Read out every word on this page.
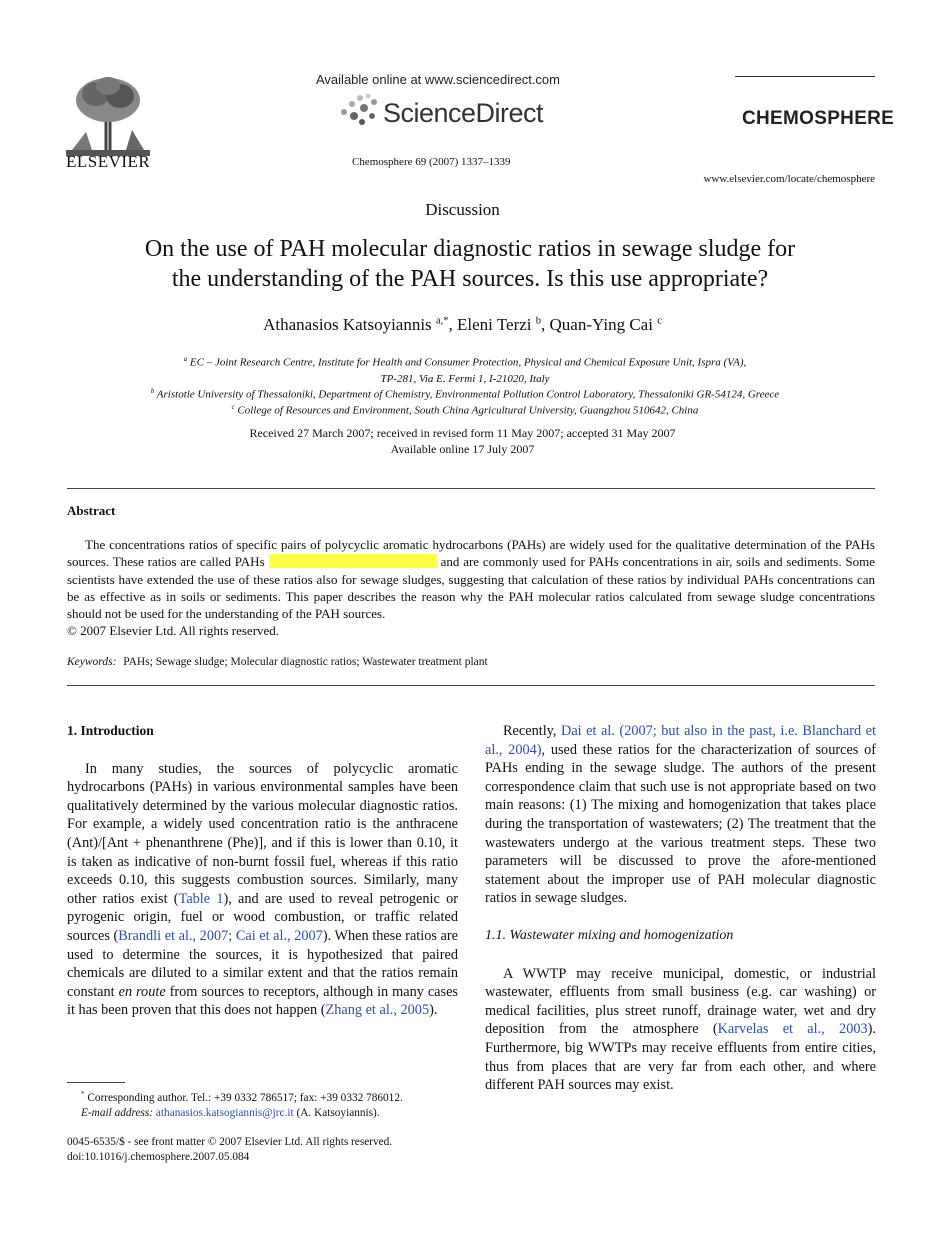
ELSEVIER
Available online at www.sciencedirect.com
ScienceDirect
Chemosphere 69 (2007) 1337–1339
CHEMOSPHERE
www.elsevier.com/locate/chemosphere
Discussion
On the use of PAH molecular diagnostic ratios in sewage sludge for
the understanding of the PAH sources. Is this use appropriate?
Athanasios Katsoyiannis $^{a,*}$, Eleni Terzi $^b$, Quan-Ying Cai $^c$
$^a$ EC – Joint Research Centre, Institute for Health and Consumer Protection, Physical and Chemical Exposure Unit, Ispra (VA),
TP-281, Via E. Fermi 1, I-21020, Italy
$^b$ Aristotle University of Thessaloniki, Department of Chemistry, Environmental Pollution Control Laboratory, Thessaloniki GR-54124, Greece
$^c$ College of Resources and Environment, South China Agricultural University, Guangzhou 510642, China
Received 27 March 2007; received in revised form 11 May 2007; accepted 31 May 2007
Available online 17 July 2007
Abstract

The concentrations ratios of specific pairs of polycyclic aromatic hydrocarbons (PAHs) are widely used for the qualitative determination of the PAHs sources. These ratios are called PAHs	and are commonly used for PAHs concentrations in air, soils and sediments. Some scientists have extended the use of these ratios also for sewage sludges, suggesting that calculation of these ratios by individual PAHs concentrations can be as effective as in soils or sediments. This paper describes the reason why the PAH molecular ratios calculated from sewage sludge concentrations should not be used for the understanding of the PAH sources.
© 2007 Elsevier Ltd. All rights reserved.

Keywords: PAHs; Sewage sludge; Molecular diagnostic ratios; Wastewater treatment plant

1. Introduction

In many studies, the sources of polycyclic aromatic hydrocarbons (PAHs) in various environmental samples have been qualitatively determined by the various molecular diagnostic ratios. For example, a widely used concentration ratio is the anthracene (Ant)/[Ant + phenanthrene (Phe)], and if this is lower than 0.10, it is taken as indicative of non-burnt fossil fuel, whereas if this ratio exceeds 0.10, this suggests combustion sources. Similarly, many other ratios exist (Table 1), and are used to reveal petrogenic or pyrogenic origin, fuel or wood combustion, or traffic related sources (Brandli et al., 2007; Cai et al., 2007). When these ratios are used to determine the sources, it is hypothesized that paired chemicals are diluted to a similar extent and that the ratios remain constant en route from sources to receptors, although in many cases it has been proven that this does not happen (Zhang et al., 2005).

Recently, Dai et al. (2007; but also in the past, i.e. Blanchard et al., 2004), used these ratios for the characterization of sources of PAHs ending in the sewage sludge. The authors of the present correspondence claim that such use is not appropriate based on two main reasons: (1) The mixing and homogenization that takes place during the transportation of wastewaters; (2) The treatment that the wastewaters undergo at the various treatment steps. These two parameters will be discussed to prove the afore-mentioned statement about the improper use of PAH molecular diagnostic ratios in sewage sludges.

1.1. Wastewater mixing and homogenization

A WWTP may receive municipal, domestic, or industrial wastewater, effluents from small business (e.g. car washing) or medical facilities, plus street runoff, drainage water, wet and dry deposition from the atmosphere (Karvelas et al., 2003). Furthermore, big WWTPs may receive effluents from entire cities, thus from places that are very far from each other, and where different PAH sources may exist.

* Corresponding author. Tel.: +39 0332 786517; fax: +39 0332 786012.
E-mail address: athanasios.katsogiannis@jrc.it (A. Katsoyiannis).
0045-6535/$ - see front matter © 2007 Elsevier Ltd. All rights reserved.
doi:10.1016/j.chemosphere.2007.05.084
